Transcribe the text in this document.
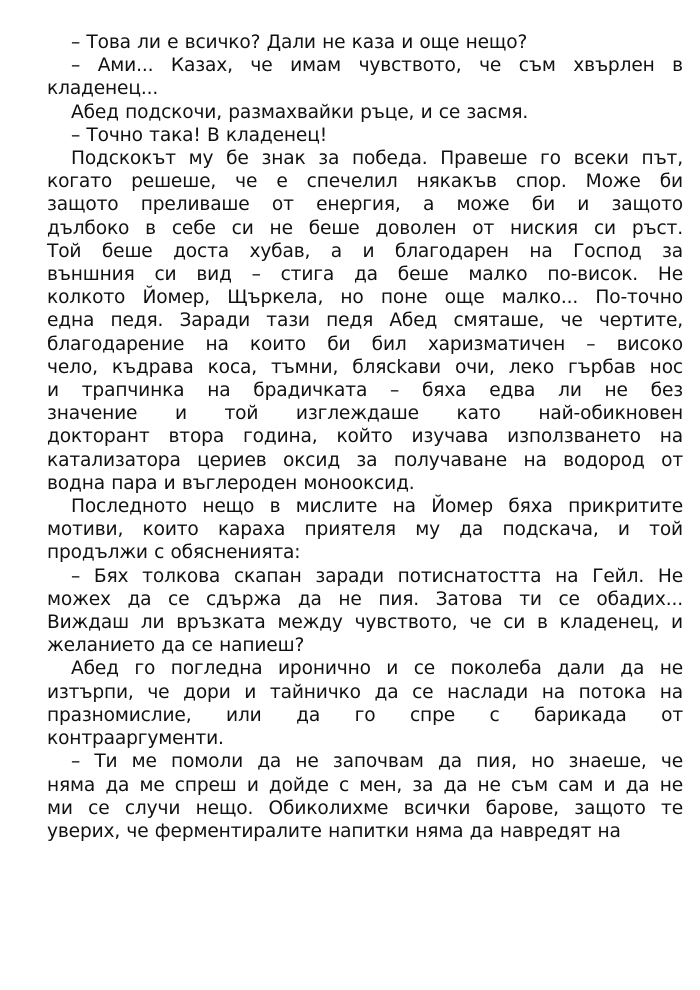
– Това ли е всичко? Дали не каза и още нещо?

– Ами... Казах, че имам чувството, че съм хвърлен в
кладенец...

Абед подскочи, размахвайки ръце, и се засмя.

– Точно така! В кладенец!

Подскокът му бе знак за победа. Правеше го всеки път,
когато решеше, че е спечелил някакъв спор. Може би
защото преливаше от енергия, а може би и защото
дълбоко в себе си не беше доволен от ниския си ръст.
Той беше доста хубав, а и благодарен на Господ за
външния си вид – стига да беше малко по-висок. Не
колкото Йомер, Щъркела, но поне още малко... По-точно
една педя. Заради тази педя Абед смяташе, че чертите,
благодарение на които би бил харизматичен – високо
чело, къдрава коса, тъмни, блясkави очи, леко гърбав нос
и трапчинка на брадичката – бяха едва ли не без
значение и той изглеждаше като най-обикновен
докторант втора година, който изучава използването на
катализатора цериев оксид за получаване на водород от
водна пара и въглероден монооксид.

Последното нещо в мислите на Йомер бяха прикритите
мотиви, които караха приятеля му да подскача, и той
продължи с обясненията:

– Бях толкова скапан заради потиснатостта на Гейл. Не
можех да се сдържа да не пия. Затова ти се обадих...
Виждаш ли връзката между чувството, че си в кладенец, и
желанието да се напиеш?

Абед го погледна иронично и се поколеба дали да не
изтърпи, че дори и тайничко да се наслади на потока на
празномислие, или да го спре с барикада от
контрааргументи.

– Ти ме помоли да не започвам да пия, но знаеше, че
няма да ме спреш и дойде с мен, за да не съм сам и да не
ми се случи нещо. Обиколихме всички барове, защото те
уверих, че ферментиралите напитки няма да навредят на
